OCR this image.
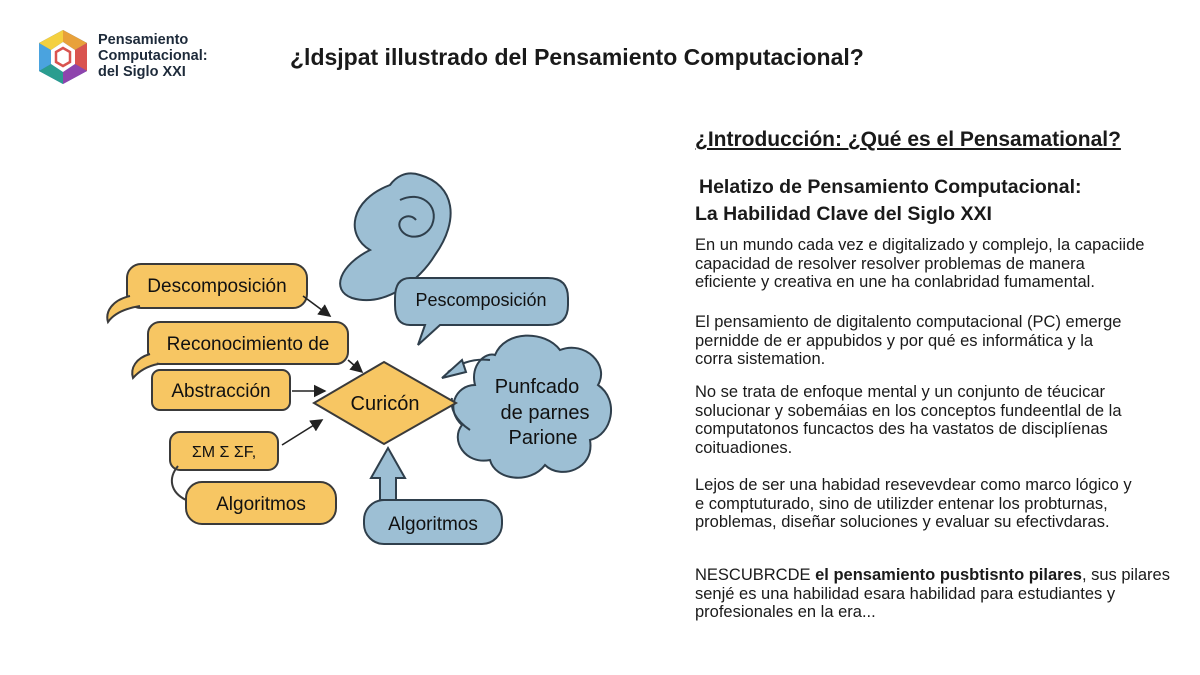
Pensamiento
Computacional:
del Siglo XXI
¿ldsjpat illustrado del Pensamiento Computacional?
Pescomposición
Punfcado
de parnes
Parione
Algoritmos
Curicón
Descomposición
Reconocimiento de
Abstracción
ΣM Σ ΣF,
Algoritmos
¿Introducción: ¿Qué es el Pensamational?
Helatizo de Pensamiento Computacional:
La Habilidad Clave del Siglo XXI
En un mundo cada vez e digitalizado y complejo, la capaciide
capacidad de resolver resolver problemas de manera
eficiente y creativa en une ha conlabridad fumamental.
El pensamiento de digitalento computacional (PC) emerge
pernidde de er appubidos y por qué es informática y la
corra sistemation.
No se trata de enfoque mental y un conjunto de téucicar
solucionar y sobemáias en los conceptos fundeentlal de la
computatonos funcactos des ha vastatos de disciplíenas
coituadiones.
Lejos de ser una habidad resevevdear como marco lógico y
e comptuturado, sino de utilizder entenar los probturnas,
problemas, diseñar soluciones y evaluar su efectivdaras.
NESCUBRCDE el pensamiento pusbtisnto pilares, sus pilares
senjé es una habilidad esara habilidad para estudiantes y
profesionales en la era...
